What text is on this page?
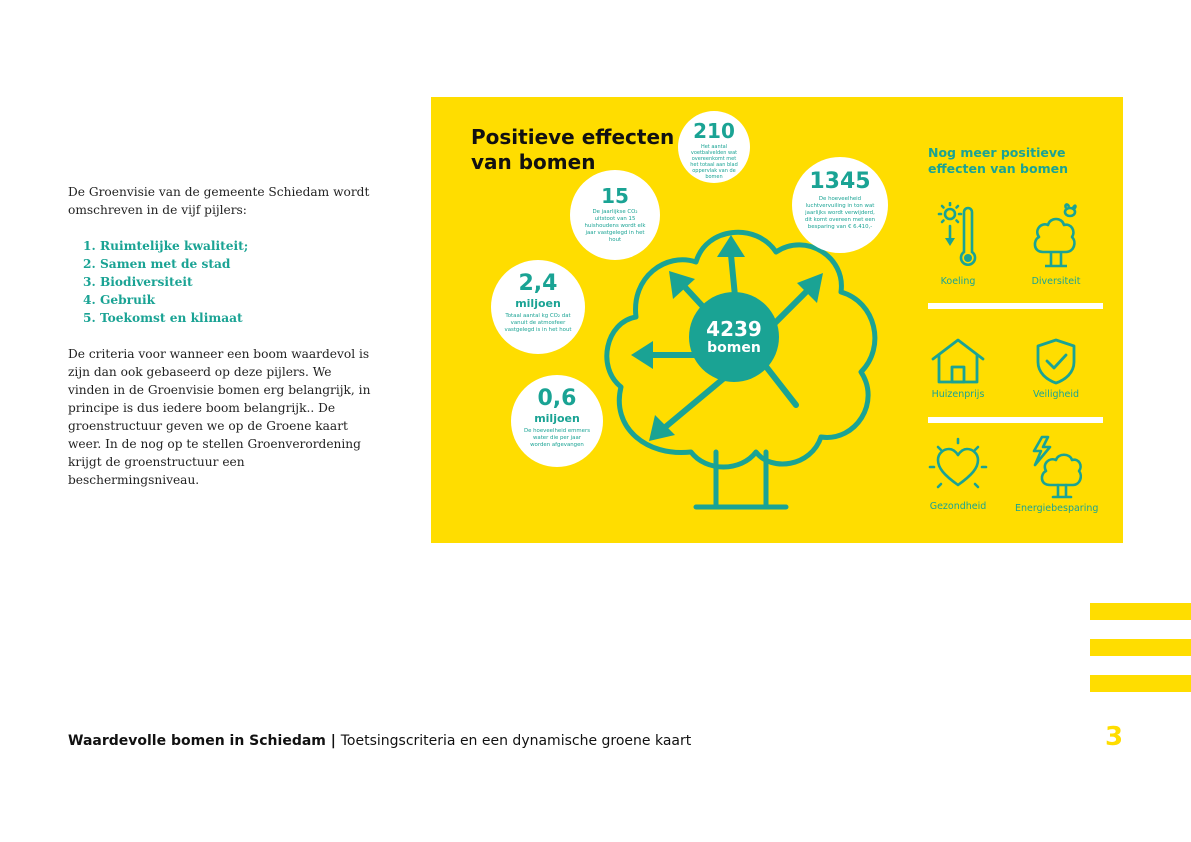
De Groenvisie van de gemeente Schiedam wordt omschreven in de vijf pijlers:

1. Ruimtelijke kwaliteit;
2. Samen met de stad
3. Biodiversiteit
4. Gebruik
5. Toekomst en klimaat

De criteria voor wanneer een boom waardevol is zijn dan ook gebaseerd op deze pijlers. We vinden in de Groenvisie bomen erg belangrijk, in principe is dus iedere boom belangrijk.. De groenstructuur geven we op de Groene kaart weer. In de nog op te stellen Groenverordening krijgt de groenstructuur een beschermingsniveau.

Positieve effecten van bomen
4239
bomen
210
Het aantal voetbalvelden wat overeenkomt met het totaal aan blad oppervlak van de bomen
15
De jaarlijkse CO₂ uitstoot van 15 huishoudens wordt elk jaar vastgelegd in het hout
1345
De hoeveelheid luchtvervuiling in ton wat jaarlijks wordt verwijderd, dit komt overeen met een besparing van € 6.410,-
2,4
miljoen
Totaal aantal kg CO₂ dat vanuit de atmosfeer vastgelegd is in het hout
0,6
miljoen
De hoeveelheid emmers water die per jaar worden afgevangen
Nog meer positieve effecten van bomen
Koeling	Diversiteit
Huizenprijs	Veiligheid
Gezondheid	Energiebesparing
Waardevolle bomen in Schiedam | Toetsingscriteria en een dynamische groene kaart	3
